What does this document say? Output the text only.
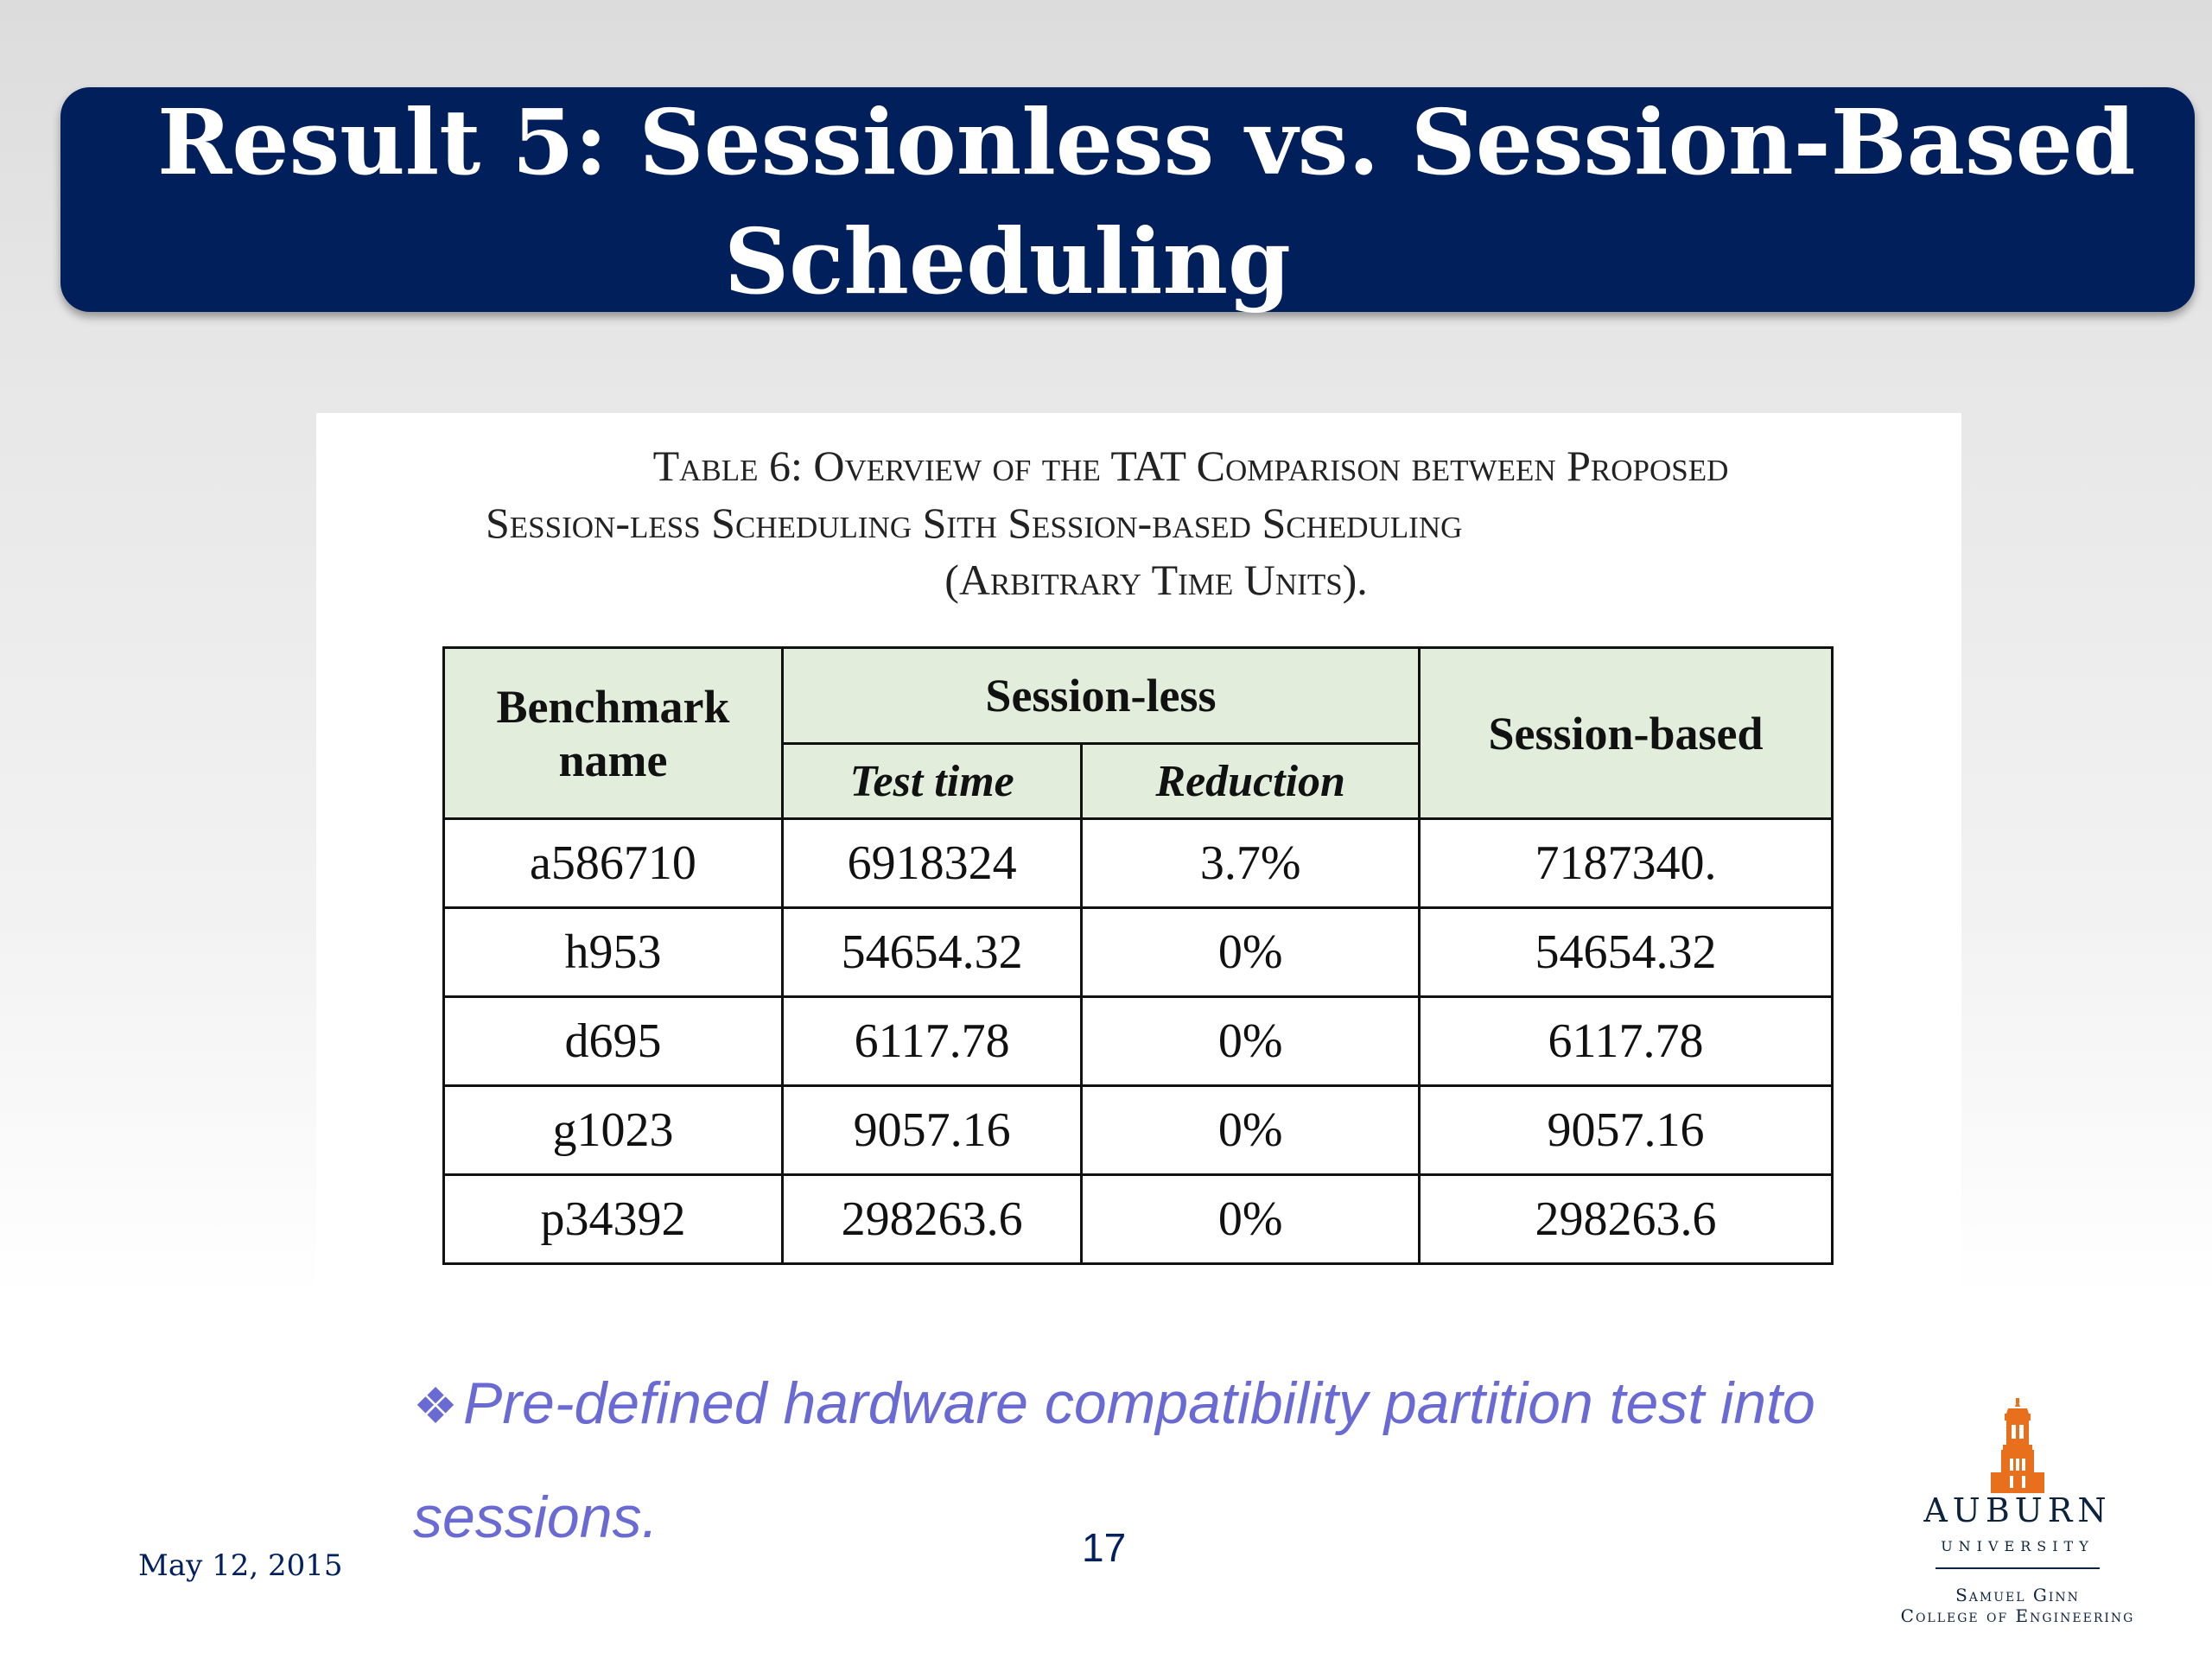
Result 5: Sessionless vs. Session-Based
Scheduling
Table 6: Overview of the TAT Comparison between Proposed
Session-less Scheduling Sith Session-based Scheduling
(Arbitrary Time Units).
Benchmark
name	Session-less		Session-based
	Test time	Reduction	
a586710	6918324	3.7%	7187340.
h953	54654.32	0%	54654.32
d695	6117.78	0%	6117.78
g1023	9057.16	0%	9057.16
p34392	298263.6	0%	298263.6
❖Pre-defined hardware compatibility partition test into sessions.
May 12, 2015	17
AUBURN
UNIVERSITY
Samuel Ginn
College of Engineering
